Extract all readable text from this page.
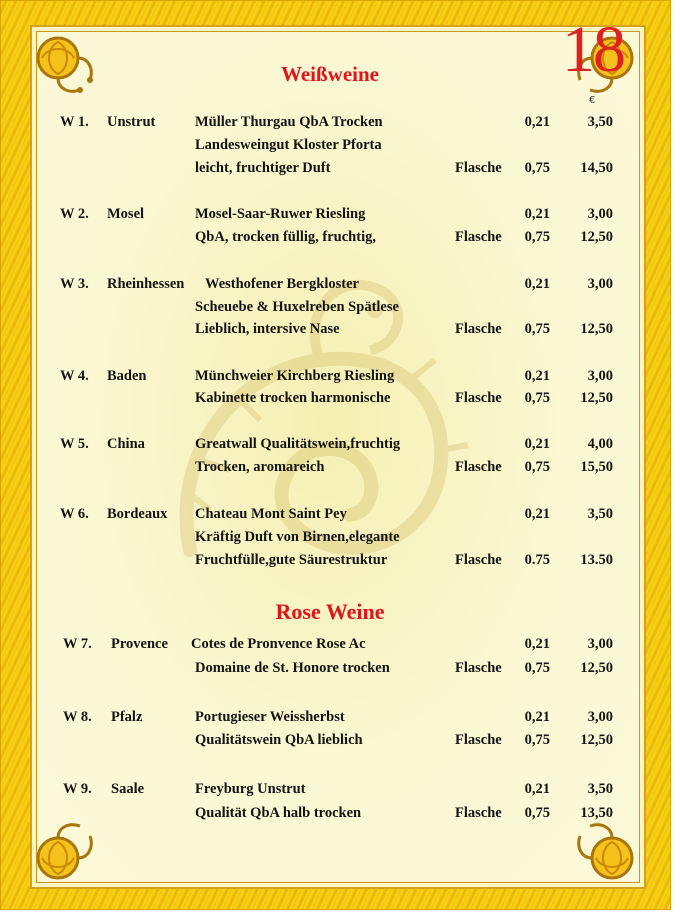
18
€
Weißweine
W 1. Unstrut	Müller Thurgau QbA Trocken	0,21	3,50
Landesweingut Kloster Pforta
leicht, fruchtiger Duft	Flasche	0,75	14,50
W 2. Mosel	Mosel-Saar-Ruwer Riesling	0,21	3,00
QbA, trocken füllig, fruchtig,	Flasche	0,75	12,50
W 3. Rheinhessen Westhofener Bergkloster	0,21	3,00
Scheuebe & Huxelreben Spätlese
Lieblich, intersive Nase	Flasche	0,75	12,50
W 4. Baden	Münchweier Kirchberg Riesling	0,21	3,00
Kabinette trocken harmonische	Flasche	0,75	12,50
W 5. China	Greatwall Qualitätswein,fruchtig	0,21	4,00
Trocken, aromareich	Flasche	0,75	15,50
W 6. Bordeaux Chateau Mont Saint Pey	0,21	3,50
Kräftig Duft von Birnen,elegante
Fruchtfülle,gute Säurestruktur	Flasche	0.75	13.50
Rose Weine
W 7. Provence Cotes de Pronvence Rose Ac	0,21	3,00
Domaine de St. Honore trocken	Flasche	0,75	12,50
W 8. Pfalz	Portugieser Weissherbst	0,21	3,00
Qualitätswein QbA lieblich	Flasche	0,75	12,50
W 9. Saale	Freyburg Unstrut	0,21	3,50
Qualität QbA halb trocken	Flasche	0,75	13,50
